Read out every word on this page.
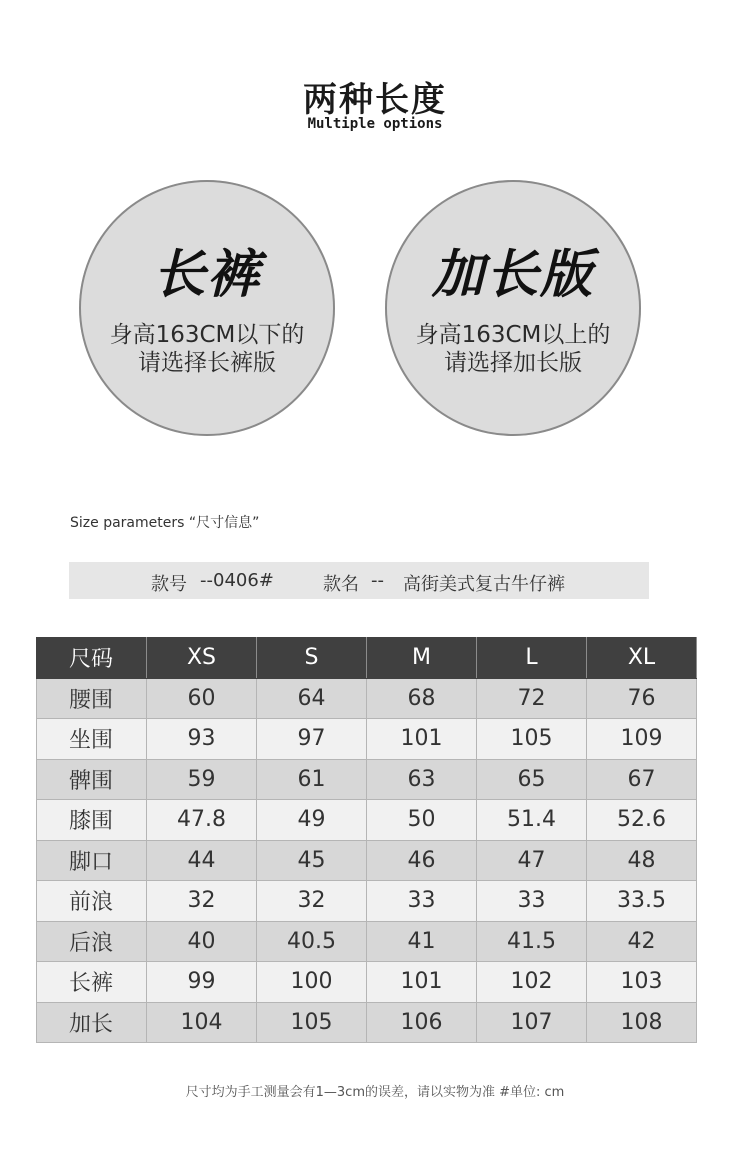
两种长度
Multiple options
长裤
身高163CM以下的
请选择长裤版
加长版
身高163CM以上的
请选择加长版
Size parameters “尺寸信息”
款号 --0406#	款名 -- 高街美式复古牛仔裤
尺码	XS	S	M	L	XL
腰围	60	64	68	72	76
坐围	93	97	101	105	109
髀围	59	61	63	65	67
膝围	47.8	49	50	51.4	52.6
脚口	44	45	46	47	48
前浪	32	32	33	33	33.5
后浪	40	40.5	41	41.5	42
长裤	99	100	101	102	103
加长	104	105	106	107	108
尺寸均为手工测量会有1—3cm的误差，请以实物为准 #单位: cm
